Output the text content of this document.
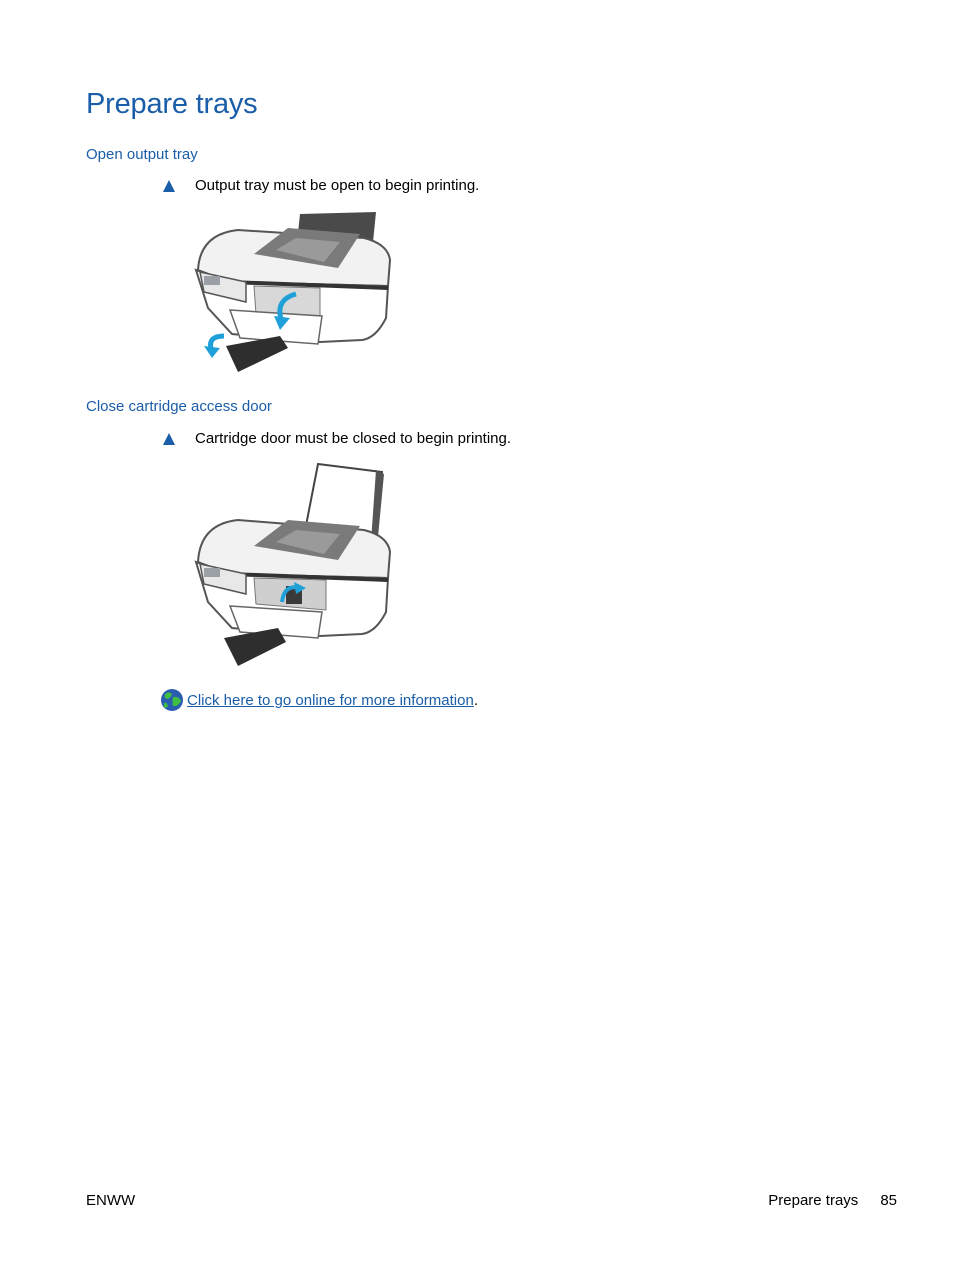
Prepare trays
Open output tray
Output tray must be open to begin printing.
Close cartridge access door
Cartridge door must be closed to begin printing.
Click here to go online for more information .
ENWW	Prepare trays 85
